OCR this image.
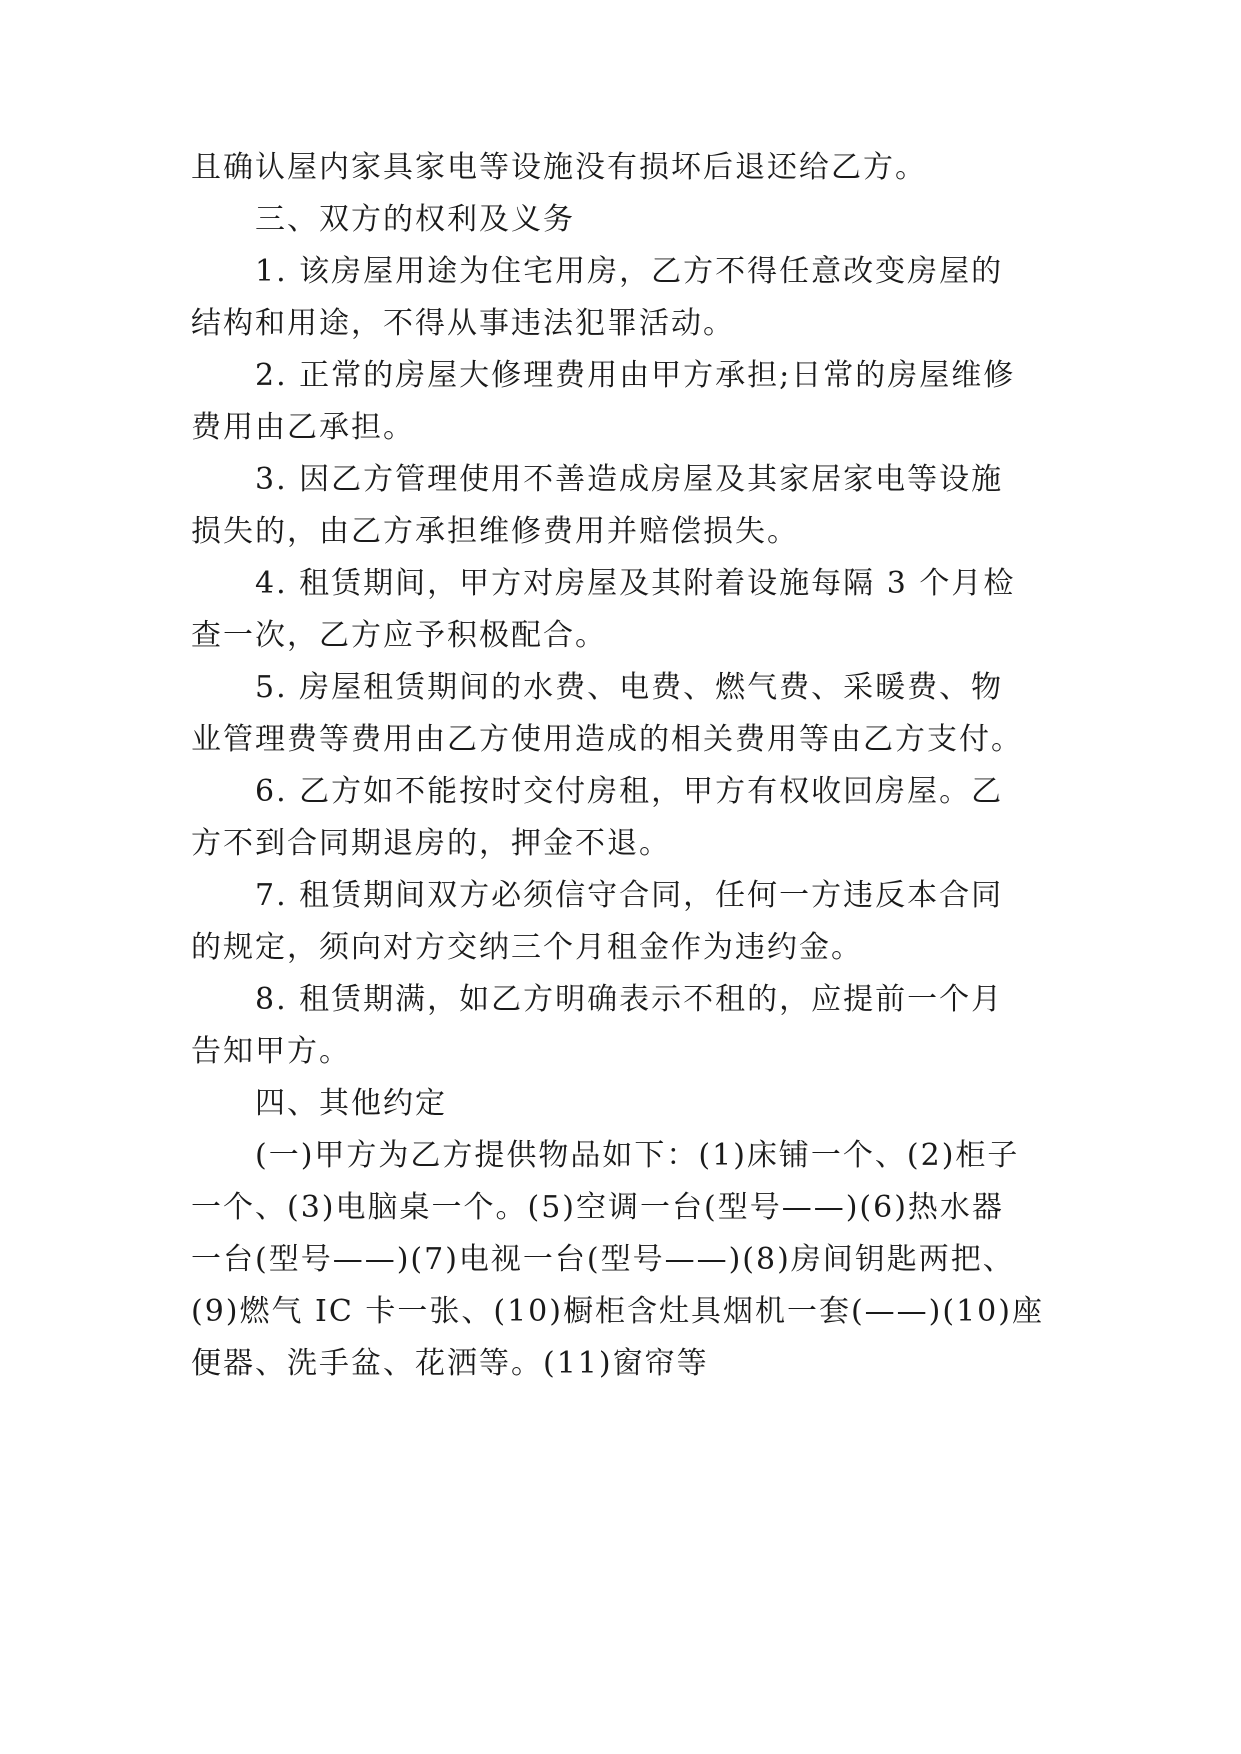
且确认屋内家具家电等设施没有损坏后退还给乙方。
三、双方的权利及义务
1. 该房屋用途为住宅用房，乙方不得任意改变房屋的
结构和用途，不得从事违法犯罪活动。
2. 正常的房屋大修理费用由甲方承担;日常的房屋维修
费用由乙承担。
3. 因乙方管理使用不善造成房屋及其家居家电等设施
损失的，由乙方承担维修费用并赔偿损失。
4. 租赁期间，甲方对房屋及其附着设施每隔 3 个月检
查一次，乙方应予积极配合。
5. 房屋租赁期间的水费、电费、燃气费、采暖费、物
业管理费等费用由乙方使用造成的相关费用等由乙方支付。
6. 乙方如不能按时交付房租，甲方有权收回房屋。乙
方不到合同期退房的，押金不退。
7. 租赁期间双方必须信守合同，任何一方违反本合同
的规定，须向对方交纳三个月租金作为违约金。
8. 租赁期满，如乙方明确表示不租的，应提前一个月
告知甲方。
四、其他约定
(一)甲方为乙方提供物品如下：(1)床铺一个、(2)柜子
一个、(3)电脑桌一个。(5)空调一台(型号——)(6)热水器
一台(型号——)(7)电视一台(型号——)(8)房间钥匙两把、
(9)燃气 IC 卡一张、(10)橱柜含灶具烟机一套(——)(10)座
便器、洗手盆、花洒等。(11)窗帘等
